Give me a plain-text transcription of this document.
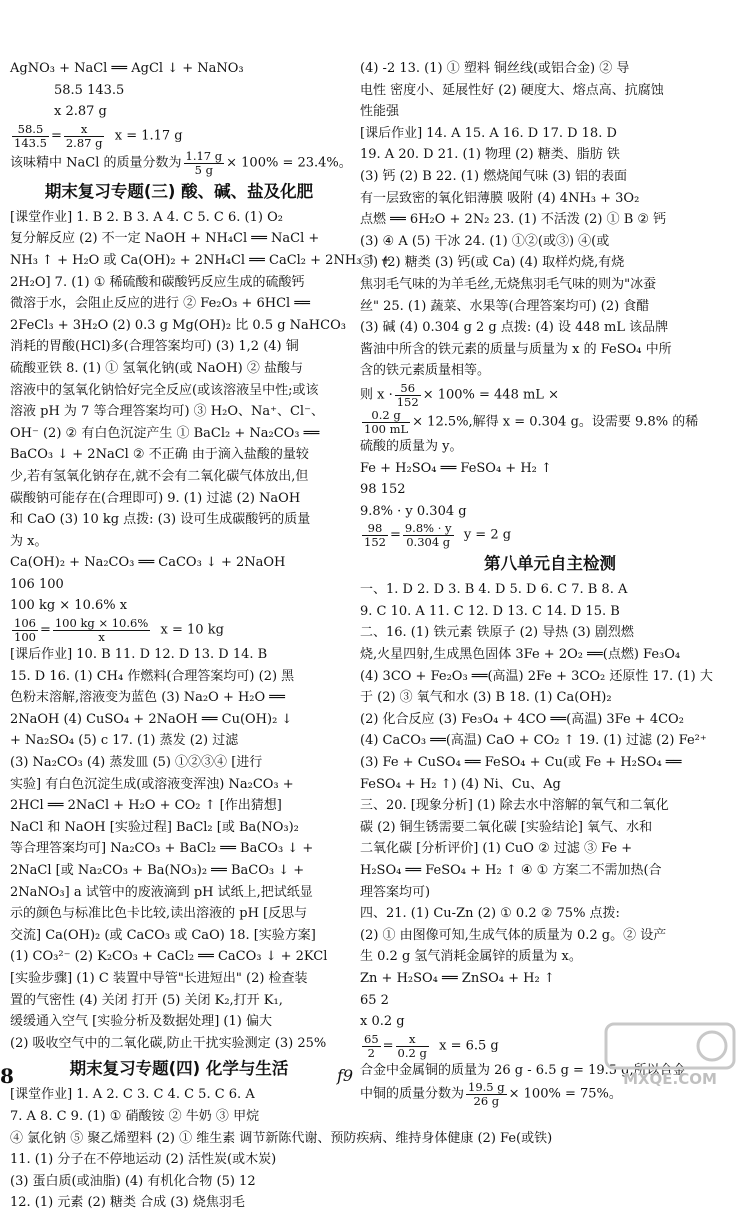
AgNO₃ + NaCl ══ AgCl ↓ + NaNO₃
58.5 143.5
x 2.87 g
$\frac{58.5}{143.5} = \frac{x}{2.87 g}$ x = 1.17 g
该味精中 NaCl 的质量分数为 $\frac{1.17 g}{5 g} \times 100\% = 23.4\%$。
期末复习专题(三) 酸、碱、盐及化肥
[课堂作业] 1. B 2. B 3. A 4. C 5. C 6. (1) O₂
复分解反应 (2) 不一定 NaOH + NH₄Cl ══ NaCl +
NH₃ ↑ + H₂O 或 Ca(OH)₂ + 2NH₄Cl ══ CaCl₂ + 2NH₃ ↑ +
2H₂O] 7. (1) ① 稀硫酸和碳酸钙反应生成的硫酸钙
微溶于水，会阻止反应的进行 ② Fe₂O₃ + 6HCl ══
2FeCl₃ + 3H₂O (2) 0.3 g Mg(OH)₂ 比 0.5 g NaHCO₃
消耗的胃酸(HCl)多(合理答案均可) (3) 1,2 (4) 铜
硫酸亚铁 8. (1) ① 氢氧化钠(或 NaOH) ② 盐酸与
溶液中的氢氧化钠恰好完全反应(或该溶液呈中性;或该
溶液 pH 为 7 等合理答案均可) ③ H₂O、Na⁺、Cl⁻、
OH⁻ (2) ② 有白色沉淀产生 ① BaCl₂ + Na₂CO₃ ══
BaCO₃ ↓ + 2NaCl ② 不正确 由于滴入盐酸的量较
少,若有氢氧化钠存在,就不会有二氧化碳气体放出,但
碳酸钠可能存在(合理即可) 9. (1) 过滤 (2) NaOH
和 CaO (3) 10 kg 点拨: (3) 设可生成碳酸钙的质量
为 x。
Ca(OH)₂ + Na₂CO₃ ══ CaCO₃ ↓ + 2NaOH
106 100
100 kg × 10.6% x
$\frac{106}{100} = \frac{100 kg \times 10.6\%}{x}$ x = 10 kg
[课后作业] 10. B 11. D 12. D 13. D 14. B
15. D 16. (1) CH₄ 作燃料(合理答案均可) (2) 黑
色粉末溶解,溶液变为蓝色 (3) Na₂O + H₂O ══
2NaOH (4) CuSO₄ + 2NaOH ══ Cu(OH)₂ ↓
+ Na₂SO₄ (5) c 17. (1) 蒸发 (2) 过滤
(3) Na₂CO₃ (4) 蒸发皿 (5) ①②③④ [进行
实验] 有白色沉淀生成(或溶液变浑浊) Na₂CO₃ +
2HCl ══ 2NaCl + H₂O + CO₂ ↑ [作出猜想]
NaCl 和 NaOH [实验过程] BaCl₂ [或 Ba(NO₃)₂
等合理答案均可] Na₂CO₃ + BaCl₂ ══ BaCO₃ ↓ +
2NaCl [或 Na₂CO₃ + Ba(NO₃)₂ ══ BaCO₃ ↓ +
2NaNO₃] a 试管中的废液滴到 pH 试纸上,把试纸显
示的颜色与标准比色卡比较,读出溶液的 pH [反思与
交流] Ca(OH)₂ (或 CaCO₃ 或 CaO) 18. [实验方案]
(1) CO₃²⁻ (2) K₂CO₃ + CaCl₂ ══ CaCO₃ ↓ + 2KCl
[实验步骤] (1) C 装置中导管"长进短出" (2) 检查装
置的气密性 (4) 关闭 打开 (5) 关闭 K₂,打开 K₁,
缓缓通入空气 [实验分析及数据处理] (1) 偏大
(2) 吸收空气中的二氧化碳,防止干扰实验测定 (3) 25%
期末复习专题(四) 化学与生活
[课堂作业] 1. A 2. C 3. C 4. C 5. C 6. A
7. A 8. C 9. (1) ① 硝酸铵 ② 牛奶 ③ 甲烷
④ 氯化钠 ⑤ 聚乙烯塑料 (2) ① 维生素 调节新陈代谢、预防疾病、维持身体健康 (2) Fe(或铁)
11. (1) 分子在不停地运动 (2) 活性炭(或木炭)
(3) 蛋白质(或油脂) (4) 有机化合物 (5) 12
12. (1) 元素 (2) 糖类 合成 (3) 烧焦羽毛
(4) -2 13. (1) ① 塑料 铜丝线(或铝合金) ② 导
电性 密度小、延展性好 (2) 硬度大、熔点高、抗腐蚀
性能强
[课后作业] 14. A 15. A 16. D 17. D 18. D
19. A 20. D 21. (1) 物理 (2) 糖类、脂肪 铁
(3) 钙 (2) B 22. (1) 燃烧闻气味 (3) 铝的表面
有一层致密的氧化铝薄膜 吸附 (4) 4NH₃ + 3O₂
点燃 ══ 6H₂O + 2N₂ 23. (1) 不活泼 (2) ① B ② 钙
(3) ④ A (5) 干冰 24. (1) ①②(或③) ④(或
⑤) (2) 糖类 (3) 钙(或 Ca) (4) 取样灼烧,有烧
焦羽毛气味的为羊毛丝,无烧焦羽毛气味的则为"冰蚕
丝" 25. (1) 蔬菜、水果等(合理答案均可) (2) 食醋
(3) 碱 (4) 0.304 g 2 g 点拨: (4) 设 448 mL 该品牌
酱油中所含的铁元素的质量与质量为 x 的 FeSO₄ 中所
含的铁元素质量相等。
则 $x \cdot \frac{56}{152} \times 100\% = 448$ mL ×
$\frac{0.2 g}{100 mL} \times 12.5\%$,解得 x = 0.304 g。设需要 9.8% 的稀
硫酸的质量为 y。
Fe + H₂SO₄ ══ FeSO₄ + H₂ ↑
98 152
9.8% · y 0.304 g
$\frac{98}{152} = \frac{9.8\% \cdot y}{0.304 g}$ y = 2 g
第八单元自主检测
一、1. D 2. D 3. B 4. D 5. D 6. C 7. B 8. A
9. C 10. A 11. C 12. D 13. C 14. D 15. B
二、16. (1) 铁元素 铁原子 (2) 导热 (3) 剧烈燃
烧,火星四射,生成黑色固体 3Fe + 2O₂ ══(点燃) Fe₃O₄
(4) 3CO + Fe₂O₃ ══(高温) 2Fe + 3CO₂ 还原性 17. (1) 大
于 (2) ③ 氧气和水 (3) B 18. (1) Ca(OH)₂
(2) 化合反应 (3) Fe₃O₄ + 4CO ══(高温) 3Fe + 4CO₂
(4) CaCO₃ ══(高温) CaO + CO₂ ↑ 19. (1) 过滤 (2) Fe²⁺
(3) Fe + CuSO₄ ══ FeSO₄ + Cu(或 Fe + H₂SO₄ ══
FeSO₄ + H₂ ↑) (4) Ni、Cu、Ag
三、20. [现象分析] (1) 除去水中溶解的氧气和二氧化
碳 (2) 铜生锈需要二氧化碳 [实验结论] 氧气、水和
二氧化碳 [分析评价] (1) CuO ② 过滤 ③ Fe +
H₂SO₄ ══ FeSO₄ + H₂ ↑ ④ ① 方案二不需加热(合
理答案均可)
四、21. (1) Cu-Zn (2) ① 0.2 ② 75% 点拨:
(2) ① 由图像可知,生成气体的质量为 0.2 g。② 设产
生 0.2 g 氢气消耗金属锌的质量为 x。
Zn + H₂SO₄ ══ ZnSO₄ + H₂ ↑
65 2
x 0.2 g
$\frac{65}{2} = \frac{x}{0.2 g}$ x = 6.5 g
合金中金属铜的质量为 26 g - 6.5 g = 19.5 g,所以合金
中铜的质量分数为 $\frac{19.5 g}{26 g} \times 100\% = 75\%$。
8	f9	MXQE.COM
